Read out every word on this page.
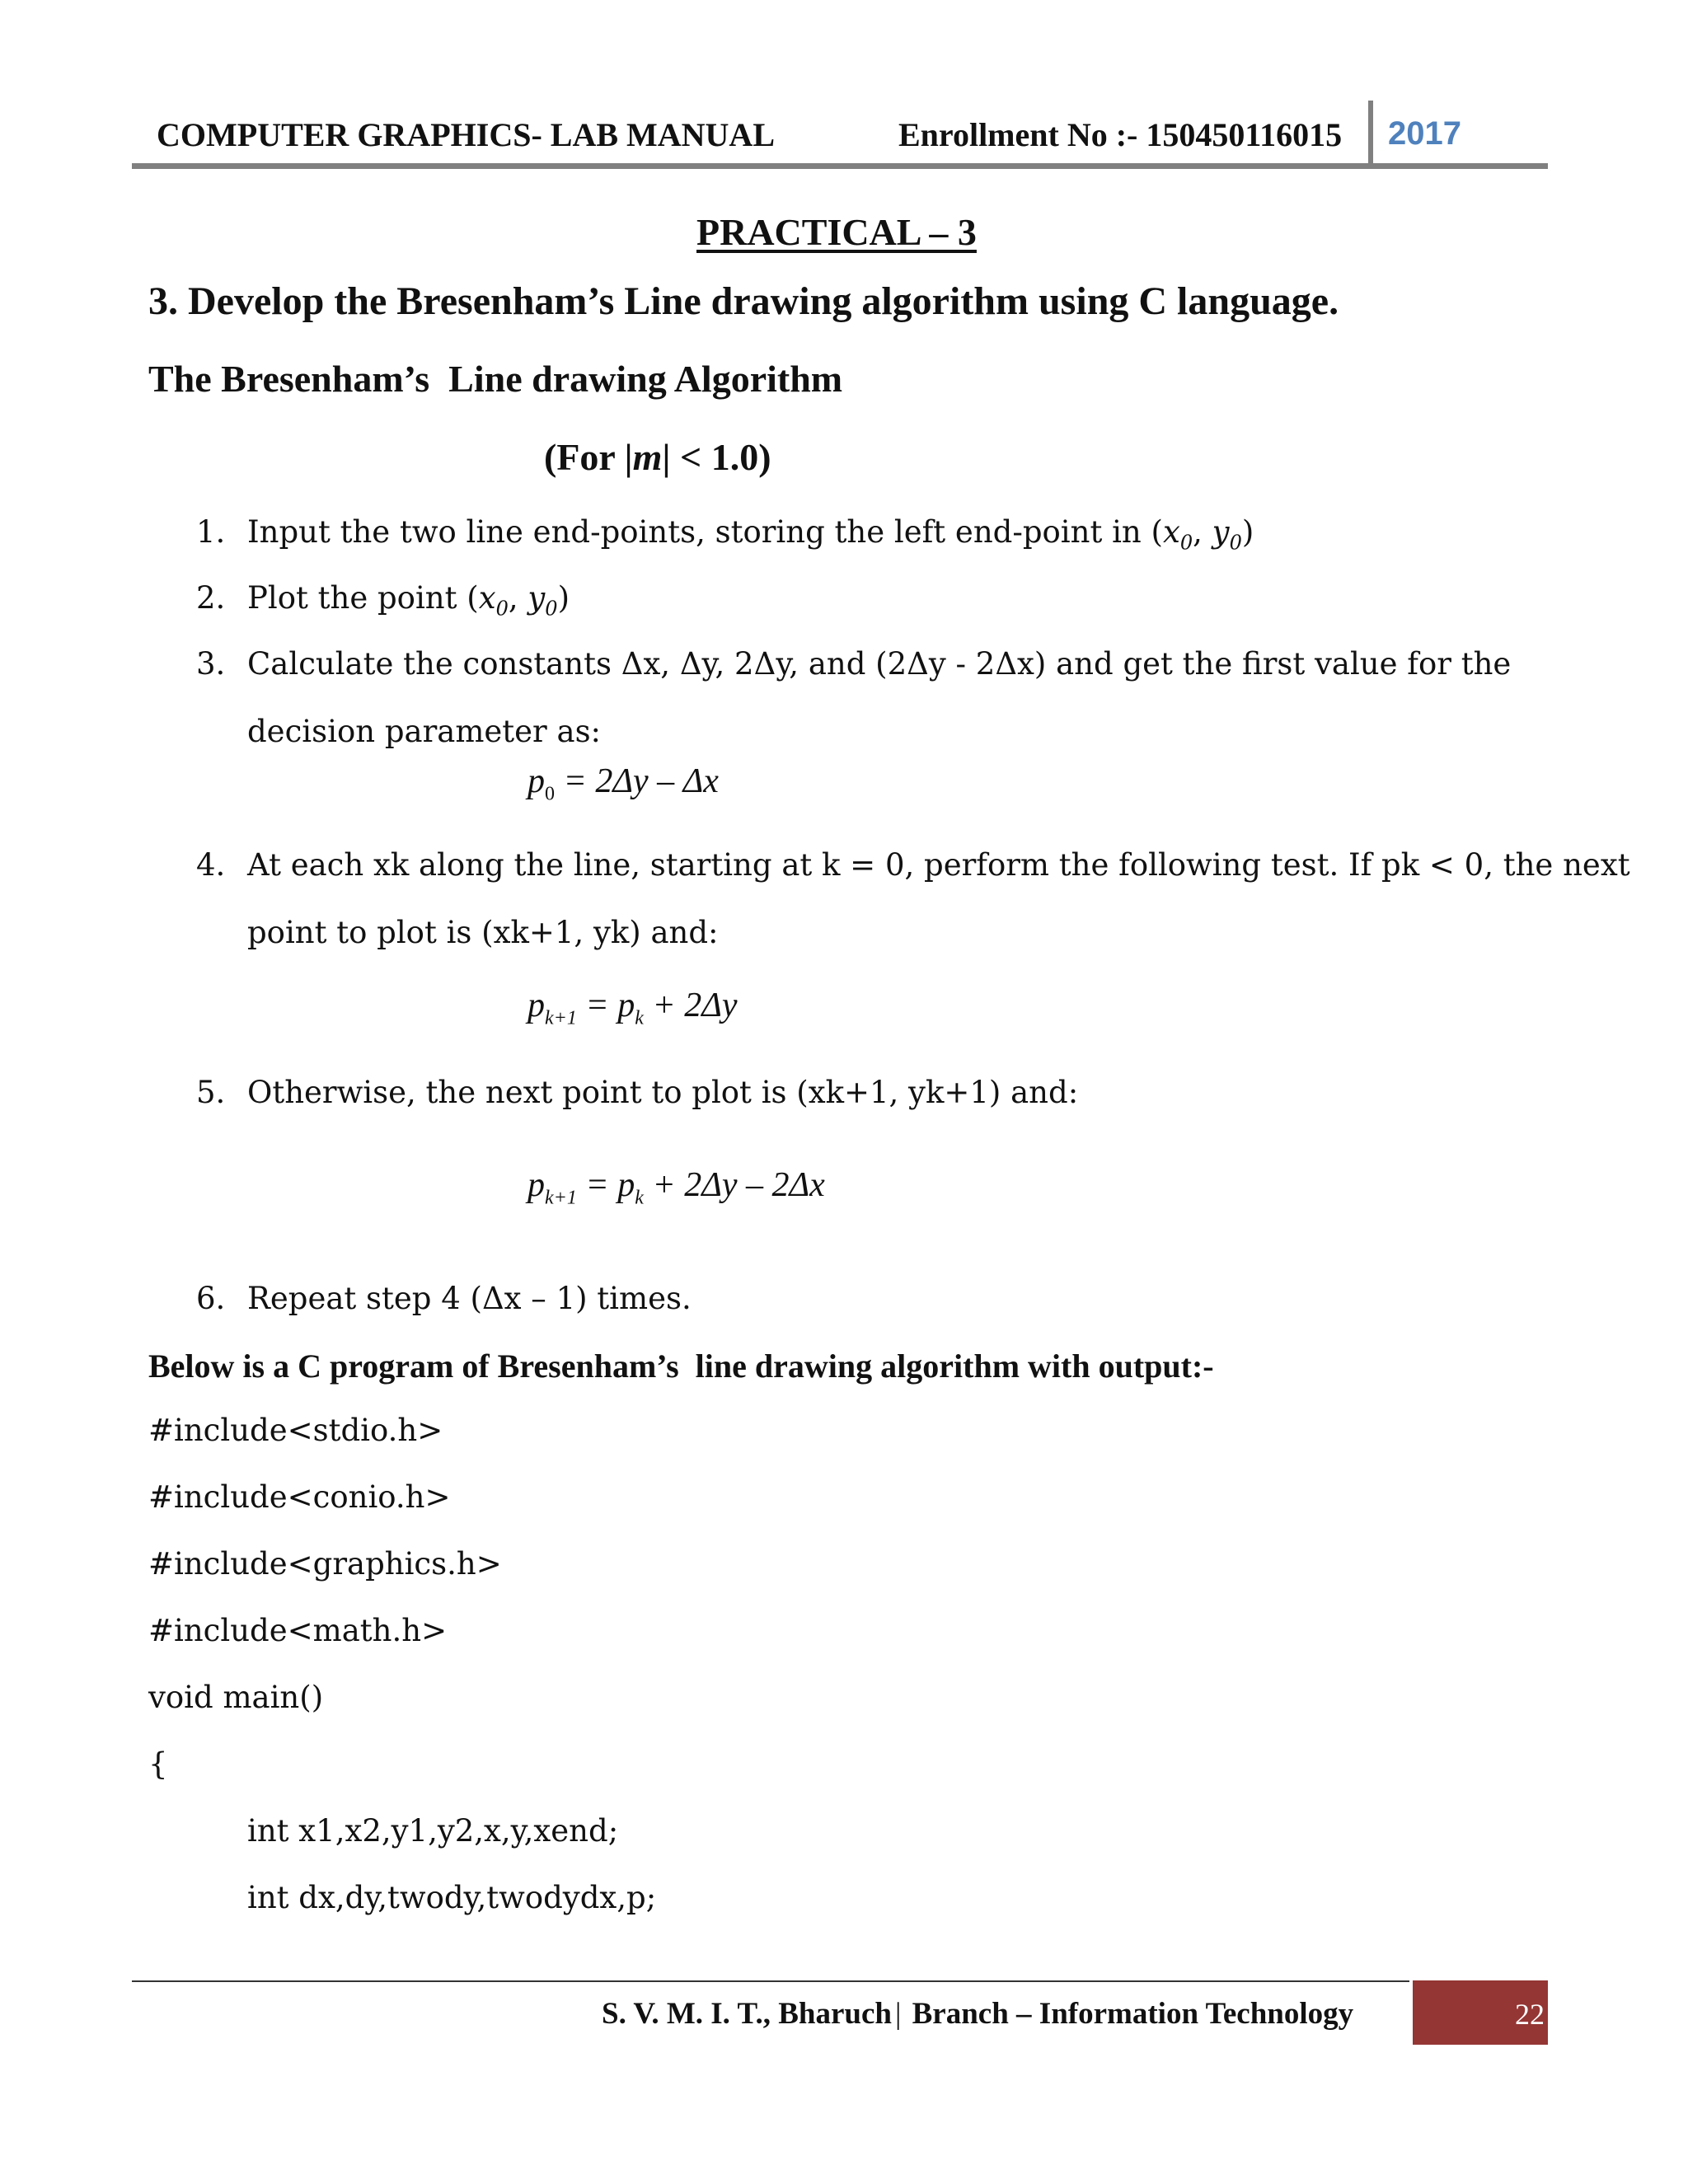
COMPUTER GRAPHICS- LAB MANUAL	Enrollment No :- 150450116015 2017
PRACTICAL – 3
3. Develop the Bresenham’s Line drawing algorithm using C language.
The Bresenham’s  Line drawing Algorithm
(For |m| < 1.0)
1. Input the two line end-points, storing the left end-point in ($x_0$, $y_0$)
2. Plot the point ($x_0$, $y_0$)
3. Calculate the constants Δx, Δy, 2Δy, and (2Δy - 2Δx) and get the first value for the
decision parameter as:
$p_0 = 2\Delta y - \Delta x$
4. At each xk along the line, starting at k = 0, perform the following test. If pk < 0, the next
point to plot is (xk+1, yk) and:
$p_{k+1} = p_k + 2\Delta y$
5. Otherwise, the next point to plot is (xk+1, yk+1) and:
$p_{k+1} = p_k + 2\Delta y - 2\Delta x$
6. Repeat step 4 (Δx – 1) times.
Below is a C program of Bresenham’s  line drawing algorithm with output:-
#include<stdio.h>
#include<conio.h>
#include<graphics.h>
#include<math.h>
void main()
{
int x1,x2,y1,y2,x,y,xend;
int dx,dy,twody,twodydx,p;
S. V. M. I. T., Bharuch | Branch – Information Technology	22
